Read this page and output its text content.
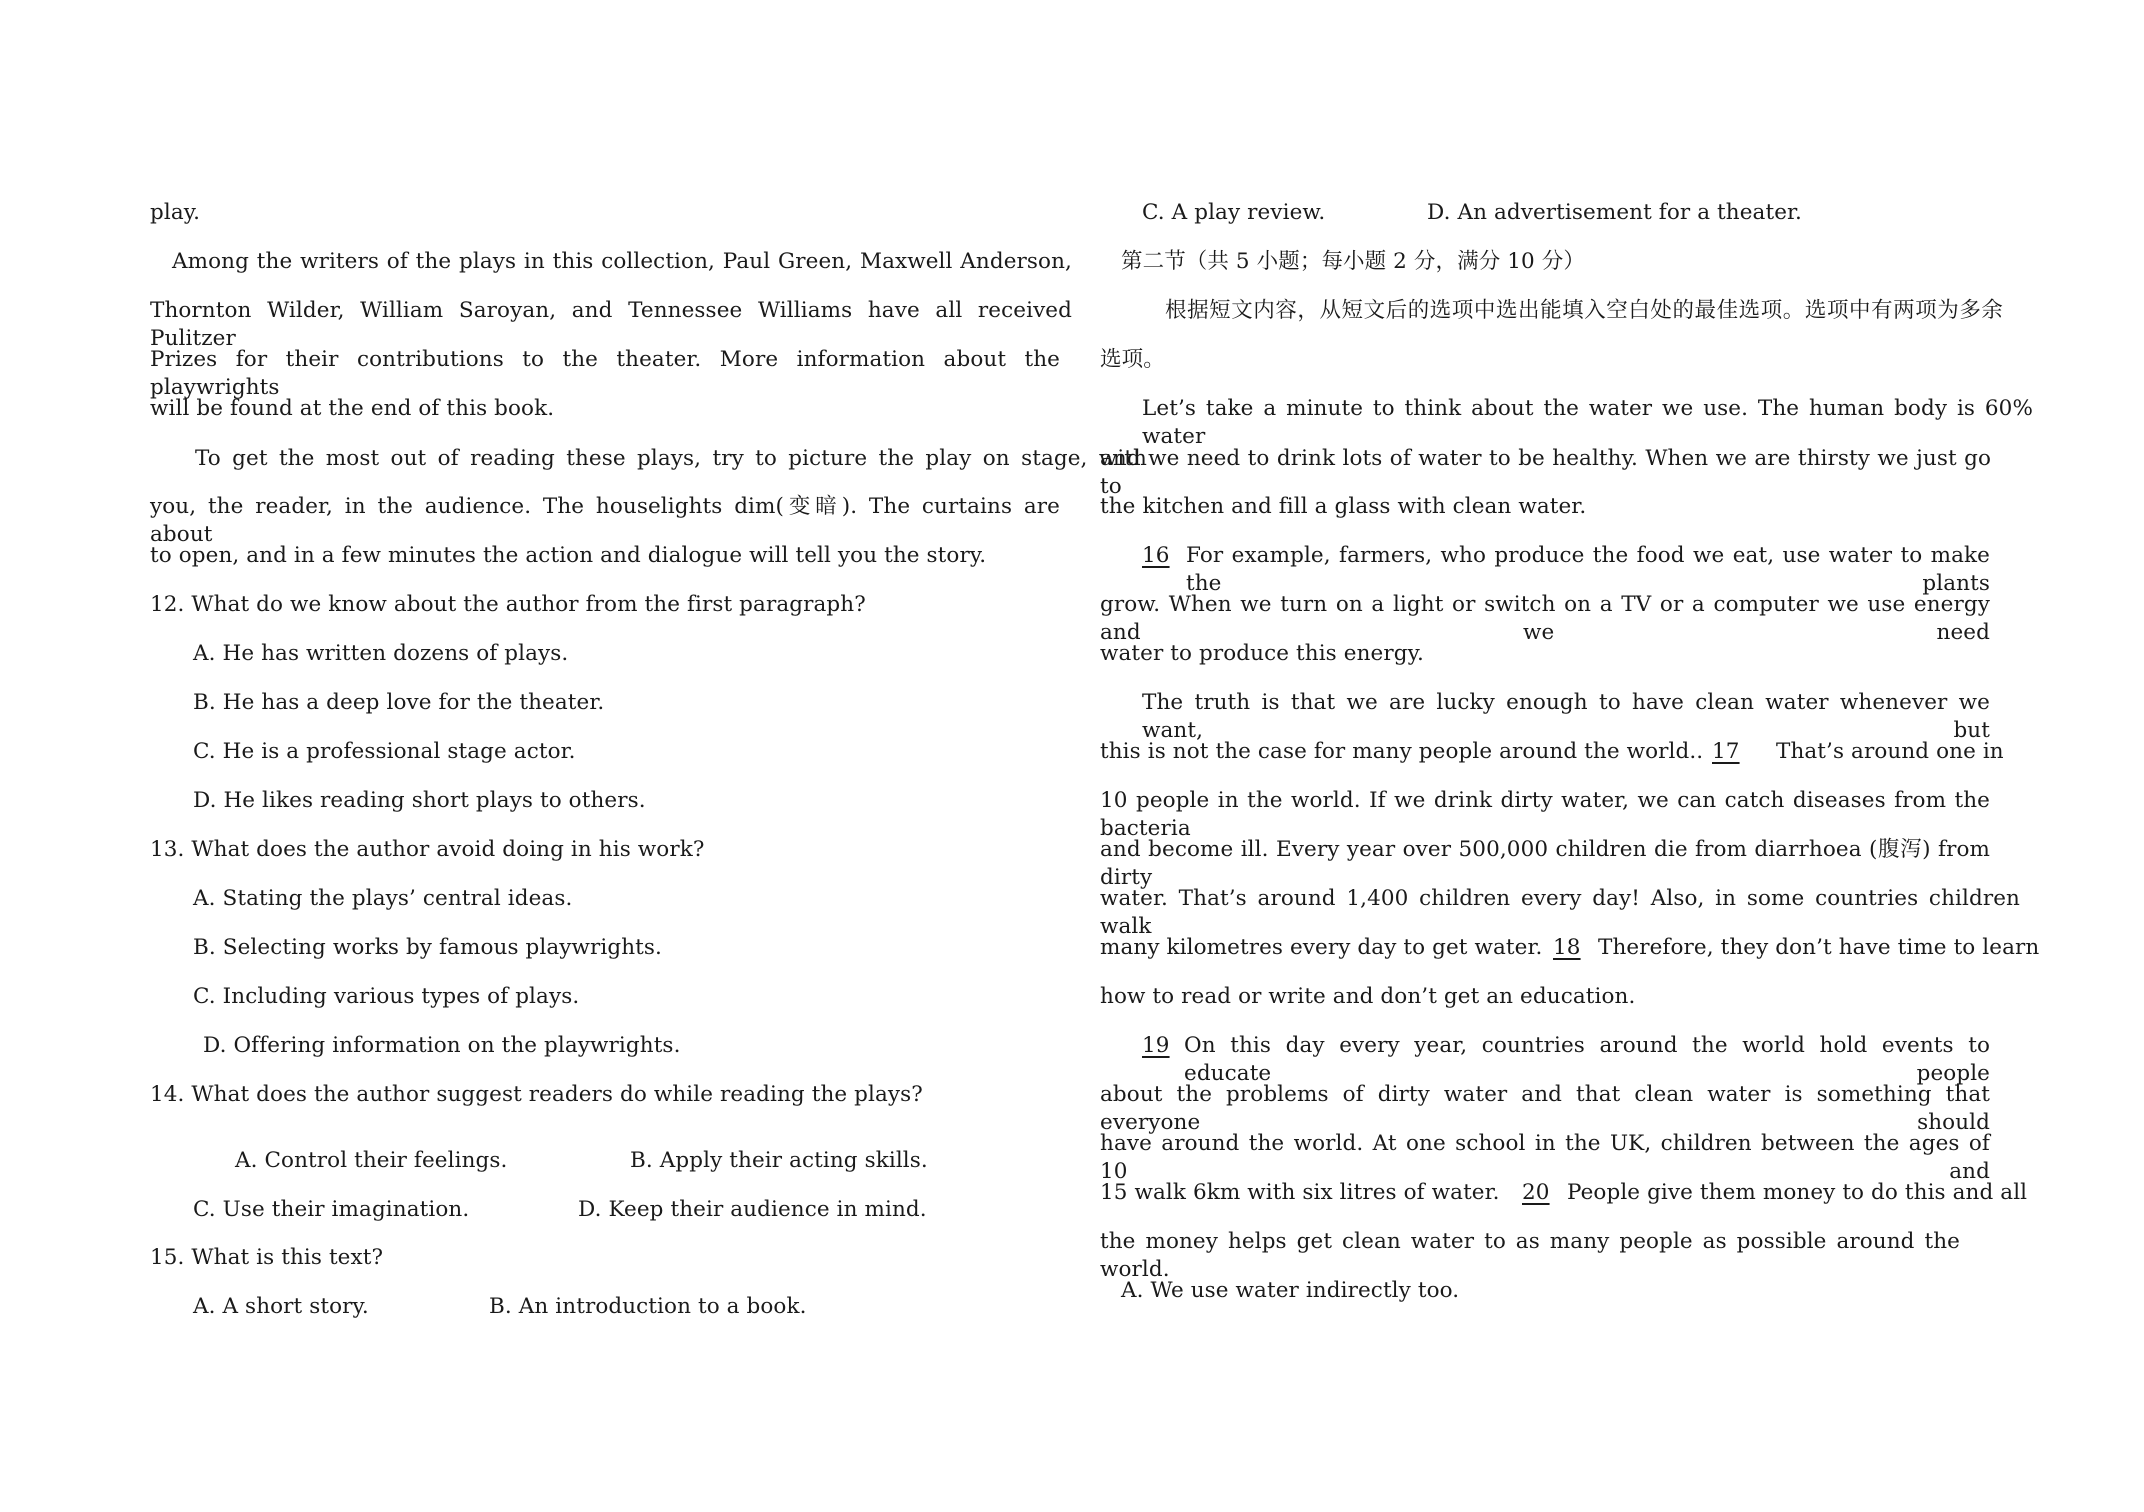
play.
Among the writers of the plays in this collection, Paul Green, Maxwell Anderson,
Thornton Wilder, William Saroyan, and Tennessee Williams have all received Pulitzer
Prizes for their contributions to the theater. More information about the playwrights
will be found at the end of this book.
To get the most out of reading these plays, try to picture the play on stage, with
you, the reader, in the audience. The houselights dim(变暗). The curtains are about
to open, and in a few minutes the action and dialogue will tell you the story.
12. What do we know about the author from the first paragraph?
A. He has written dozens of plays.
B. He has a deep love for the theater.
C. He is a professional stage actor.
D. He likes reading short plays to others.
13. What does the author avoid doing in his work?
A. Stating the plays’ central ideas.
B. Selecting works by famous playwrights.
C. Including various types of plays.
D. Offering information on the playwrights.
14. What does the author suggest readers do while reading the plays?
A. Control their feelings.	B. Apply their acting skills.
C. Use their imagination.	D. Keep their audience in mind.
15. What is this text?
A. A short story.	B. An introduction to a book.
C. A play review.	D. An advertisement for a theater.
第二节（共 5 小题；每小题 2 分，满分 10 分）
根据短文内容，从短文后的选项中选出能填入空白处的最佳选项。选项中有两项为多余
选项。
Let’s take a minute to think about the water we use. The human body is 60% water
and we need to drink lots of water to be healthy. When we are thirsty we just go to
the kitchen and fill a glass with clean water.
16 For example, farmers, who produce the food we eat, use water to make the plants
grow. When we turn on a light or switch on a TV or a computer we use energy and we need
water to produce this energy.
The truth is that we are lucky enough to have clean water whenever we want, but
this is not the case for many people around the world.. 17 That’s around one in
10 people in the world. If we drink dirty water, we can catch diseases from the bacteria
and become ill. Every year over 500,000 children die from diarrhoea (腹泻) from dirty
water. That’s around 1,400 children every day! Also, in some countries children walk
many kilometres every day to get water. 18 Therefore, they don’t have time to learn
how to read or write and don’t get an education.
19 On this day every year, countries around the world hold events to educate people
about the problems of dirty water and that clean water is something that everyone should
have around the world. At one school in the UK, children between the ages of 10 and
15 walk 6km with six litres of water. 20 People give them money to do this and all
the money helps get clean water to as many people as possible around the world.
A. We use water indirectly too.
